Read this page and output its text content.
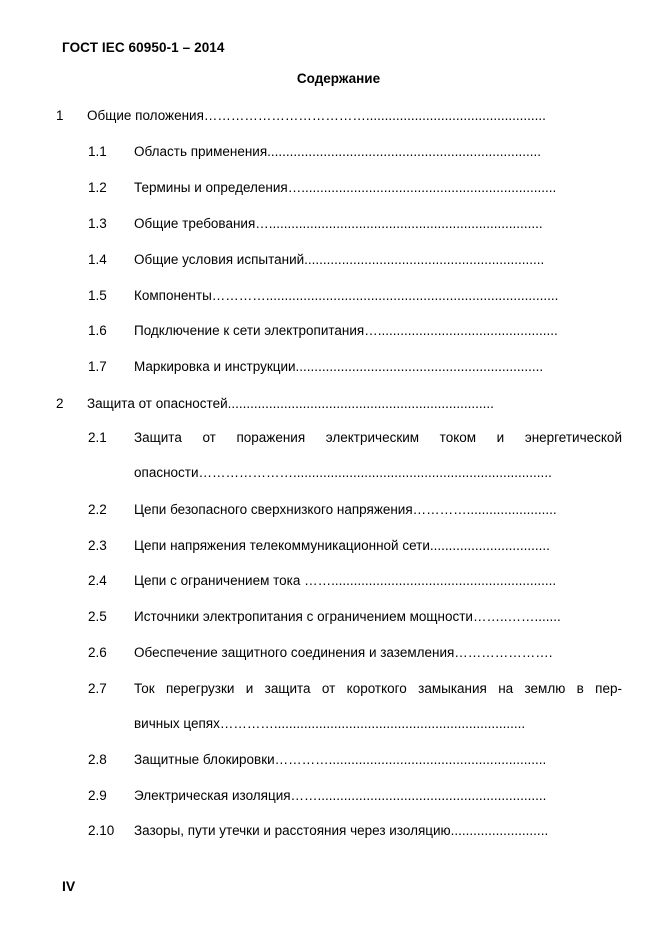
ГОСТ IEC 60950-1 – 2014
Содержание
1 Общие положения………………………………................................................
1.1 Область применения.........................................................................
1.2 Термины и определения…....................................................................
1.3 Общие требования….........................................................................
1.4 Общие условия испытаний................................................................
1.5 Компоненты…………..............................................................................
1.6 Подключение к сети электропитания…................................................
1.7 Маркировка и инструкции..................................................................
2 Защита от опасностей.......................................................................
2.1 Защита от поражения электрическим током и энергетической
опасности………………….....................................................................
2.2 Цепи безопасного сверхнизкого напряжения…………........................
2.3 Цепи напряжения телекоммуникационной сети................................
2.4 Цепи с ограничением тока ……............................................................
2.5 Источники электропитания с ограничением мощности……..…….......
2.6 Обеспечение защитного соединения и заземления………………….
2.7 Ток перегрузки и защита от короткого замыкания на землю в пер-
вичных цепях…………...................................................................
2.8 Защитные блокировки…………..........................................................
2.9 Электрическая изоляция…….............................................................
2.10 Зазоры, пути утечки и расстояния через изоляцию..........................
IV
